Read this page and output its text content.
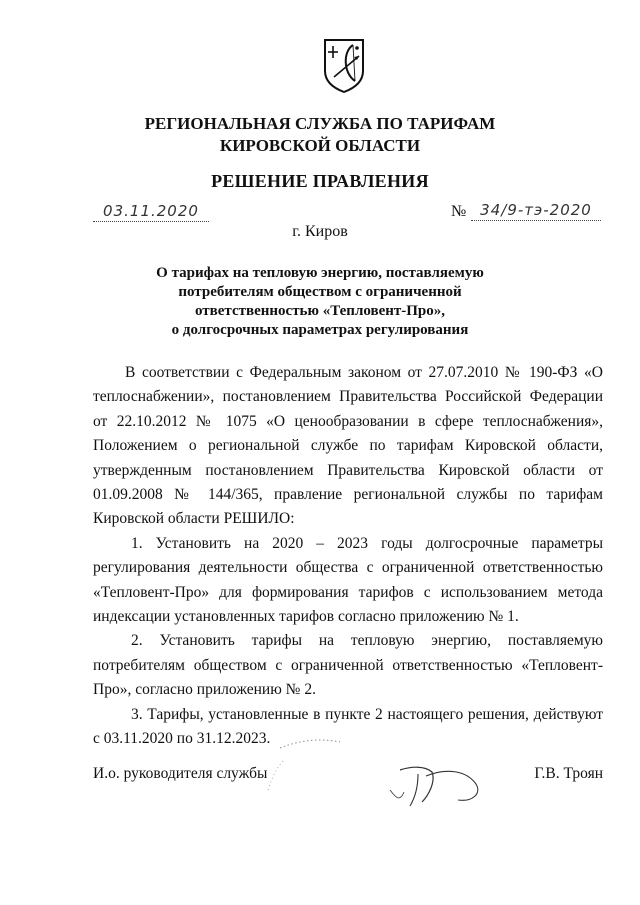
РЕГИОНАЛЬНАЯ СЛУЖБА ПО ТАРИФАМ
КИРОВСКОЙ ОБЛАСТИ
РЕШЕНИЕ ПРАВЛЕНИЯ
03.11.2020	№ 34/9-тэ-2020
г. Киров
О тарифах на тепловую энергию, поставляемую
потребителям обществом с ограниченной
ответственностью «Тепловент-Про»,
о долгосрочных параметрах регулирования

В соответствии с Федеральным законом от 27.07.2010 № 190-ФЗ «О теплоснабжении», постановлением Правительства Российской Федерации от 22.10.2012 № 1075 «О ценообразовании в сфере теплоснабжения», Положением о региональной службе по тарифам Кировской области, утвержденным постановлением Правительства Кировской области от 01.09.2008 № 144/365, правление региональной службы по тарифам Кировской области РЕШИЛО:

1. Установить на 2020 – 2023 годы долгосрочные параметры регулирования деятельности общества с ограниченной ответственностью «Тепловент-Про» для формирования тарифов с использованием метода индексации установленных тарифов согласно приложению № 1.

2. Установить тарифы на тепловую энергию, поставляемую потребителям обществом с ограниченной ответственностью «Тепловент-Про», согласно приложению № 2.

3. Тарифы, установленные в пункте 2 настоящего решения, действуют с 03.11.2020 по 31.12.2023.

И.о. руководителя службы	Г.В. Троян
